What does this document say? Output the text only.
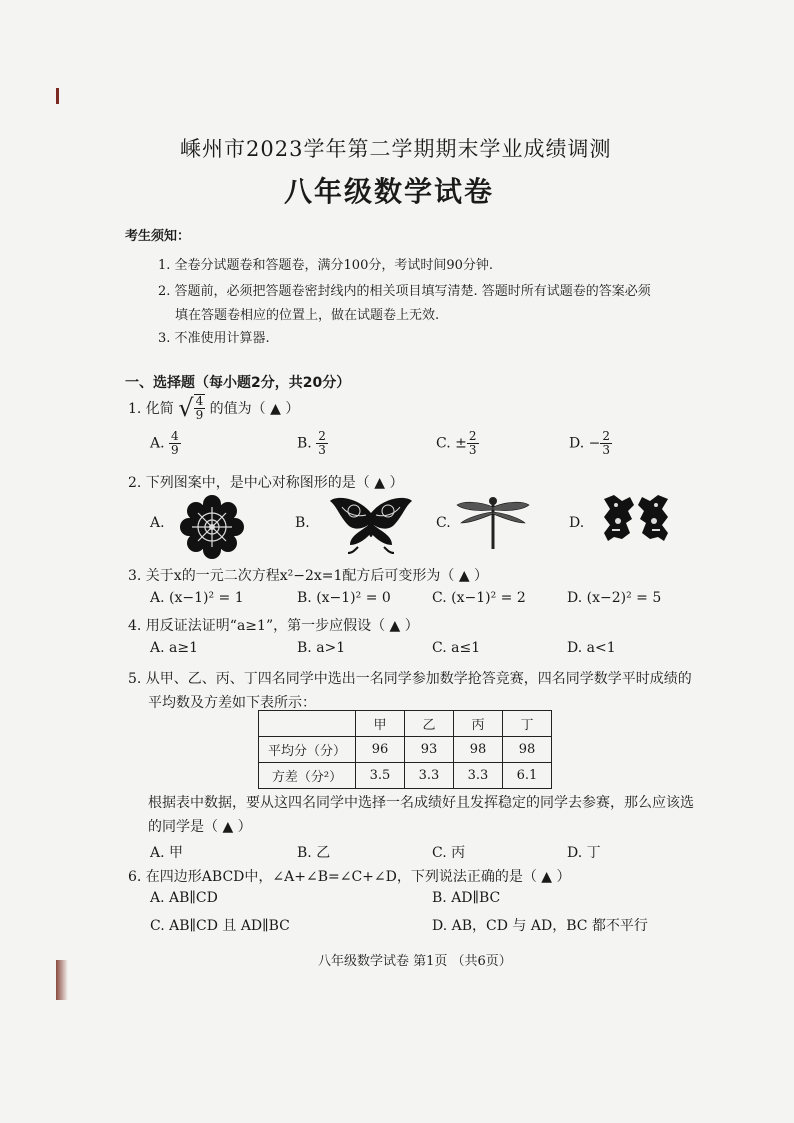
嵊州市2023学年第二学期期末学业成绩调测
八年级数学试卷
考生须知：
1. 全卷分试题卷和答题卷，满分100分，考试时间90分钟.
2. 答题前，必须把答题卷密封线内的相关项目填写清楚. 答题时所有试题卷的答案必须
填在答题卷相应的位置上，做在试题卷上无效.
3. 不准使用计算器.
一、选择题（每小题2分，共20分）
1. 化简 √ $\frac{4}{9}$ 的值为（ ▲ ）
A. $\frac{4}{9}$	B. $\frac{2}{3}$	C. ± $\frac{2}{3}$	D. − $\frac{2}{3}$
2. 下列图案中，是中心对称图形的是（ ▲ ）
A.	B.	C.	D.
3. 关于x的一元二次方程x²−2x=1配方后可变形为（ ▲ ）
A. (x−1)² = 1	B. (x−1)² = 0	C. (x−1)² = 2	D. (x−2)² = 5
4. 用反证法证明“a≥1”，第一步应假设（ ▲ ）
A. a≥1	B. a>1	C. a≤1	D. a<1
5. 从甲、乙、丙、丁四名同学中选出一名同学参加数学抢答竞赛，四名同学数学平时成绩的
平均数及方差如下表所示：
	甲	乙	丙	丁
平均分（分）	96	93	98	98
方差（分²）	3.5	3.3	3.3	6.1
根据表中数据，要从这四名同学中选择一名成绩好且发挥稳定的同学去参赛，那么应该选
的同学是（ ▲ ）
A. 甲	B. 乙	C. 丙	D. 丁
6. 在四边形ABCD中，∠A+∠B=∠C+∠D，下列说法正确的是（ ▲ ）
A. AB∥CD	B. AD∥BC
C. AB∥CD 且 AD∥BC	D. AB，CD 与 AD，BC 都不平行
八年级数学试卷 第1页 （共6页）
